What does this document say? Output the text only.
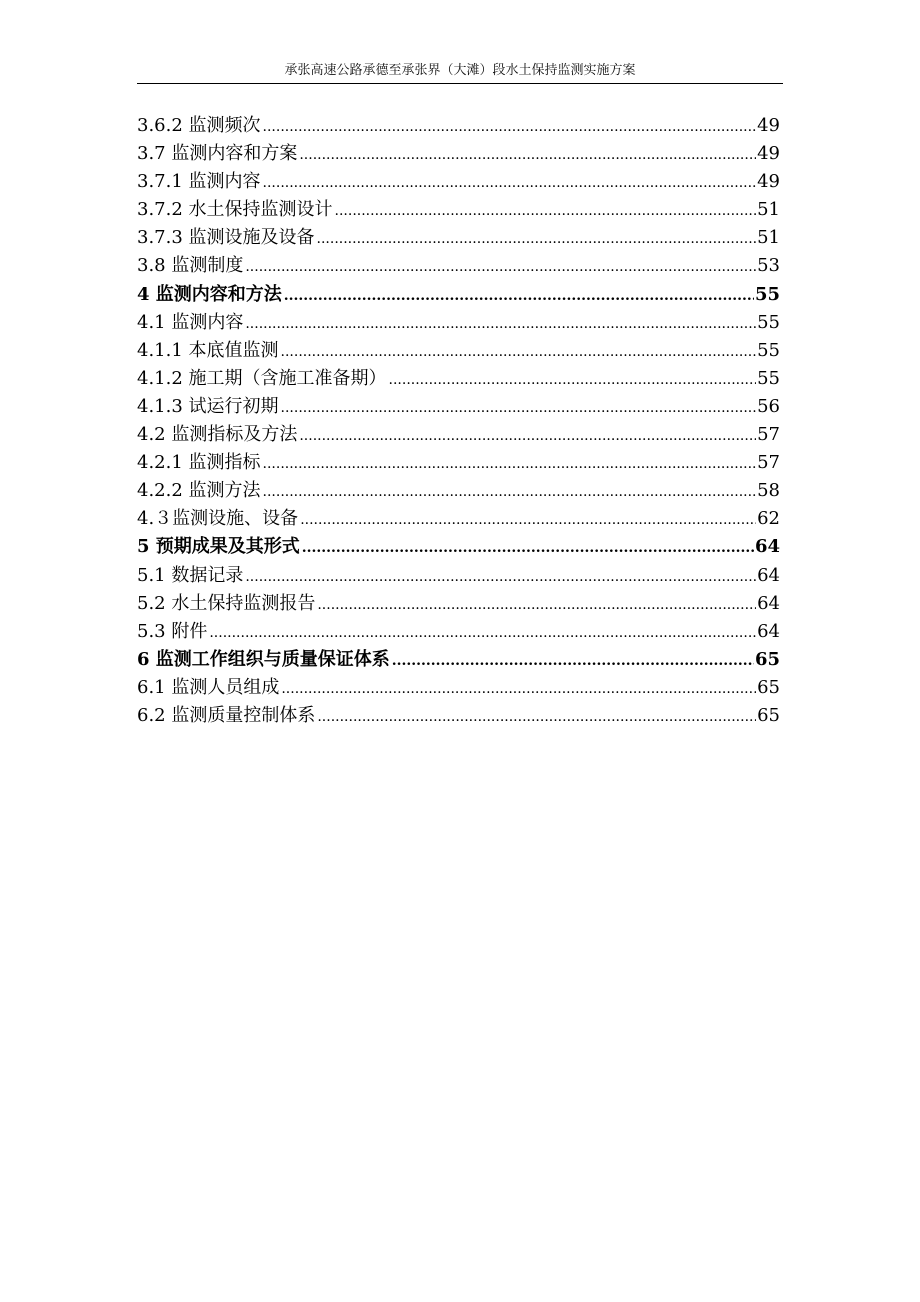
承张高速公路承德至承张界（大滩）段水土保持监测实施方案
3.6.2 监测频次 .....	49
3.7 监测内容和方案 .....	49
3.7.1 监测内容 .....	49
3.7.2 水土保持监测设计 .....	51
3.7.3 监测设施及设备 .....	51
3.8 监测制度 .....	53
4 监测内容和方法 .....	55
4.1 监测内容 .....	55
4.1.1 本底值监测 .....	55
4.1.2 施工期（含施工准备期） .....	55
4.1.3 试运行初期 .....	56
4.2 监测指标及方法 .....	57
4.2.1 监测指标 .....	57
4.2.2 监测方法 .....	58
4.３监测设施、设备 .....	62
5 预期成果及其形式 .....	64
5.1 数据记录 .....	64
5.2 水土保持监测报告 .....	64
5.3 附件 .....	64
6 监测工作组织与质量保证体系 .....	65
6.1 监测人员组成 .....	65
6.2 监测质量控制体系 .....	65
